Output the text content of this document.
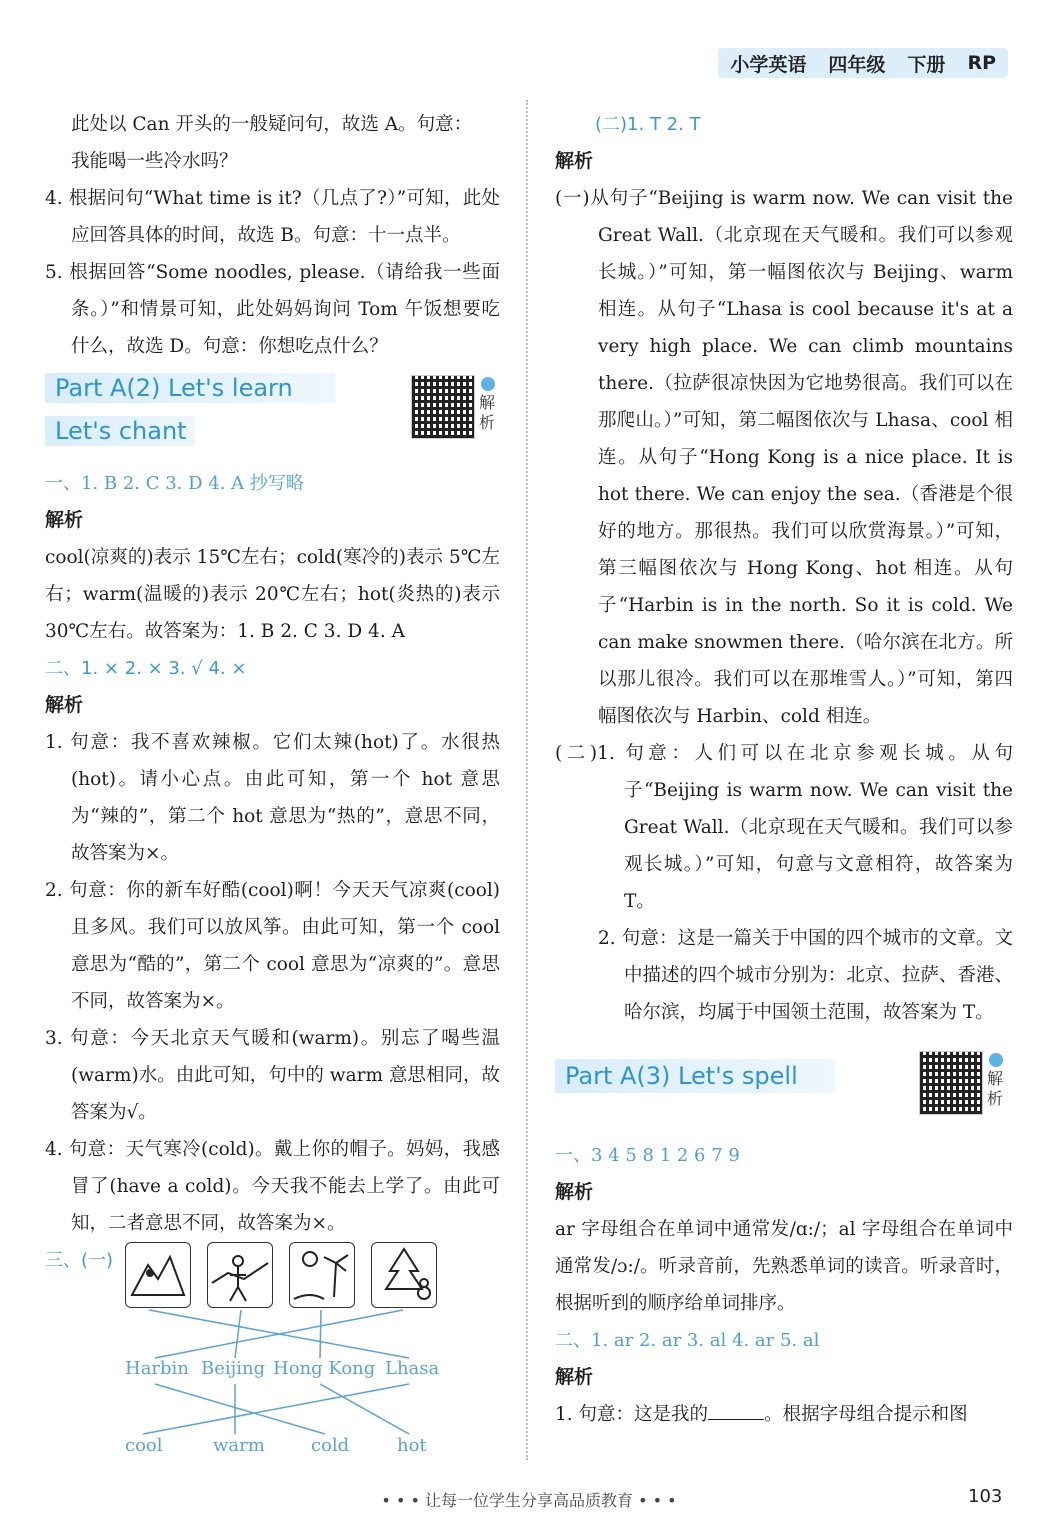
小学英语 四年级 下册 RP

此处以 Can 开头的一般疑问句，故选 A。句意：

我能喝一些冷水吗？

4. 根据问句“What time is it?（几点了?）”可知，此处应回答具体的时间，故选 B。句意：十一点半。

5. 根据回答“Some noodles, please.（请给我一些面条。）”和情景可知，此处妈妈询问 Tom 午饭想要吃什么，故选 D。句意：你想吃点什么？

Part A(2) Let's learn
Let's chant
解析

一、1. B 2. C 3. D 4. A 抄写略

解析

cool(凉爽的)表示 15℃左右；cold(寒冷的)表示 5℃左右；warm(温暖的)表示 20℃左右；hot(炎热的)表示 30℃左右。故答案为：1. B 2. C 3. D 4. A

二、1. × 2. × 3. √ 4. ×

解析

1. 句意：我不喜欢辣椒。它们太辣(hot)了。水很热(hot)。请小心点。由此可知，第一个 hot 意思为“辣的”，第二个 hot 意思为“热的”，意思不同，故答案为×。

2. 句意：你的新车好酷(cool)啊！今天天气凉爽(cool)且多风。我们可以放风筝。由此可知，第一个 cool 意思为“酷的”，第二个 cool 意思为“凉爽的”。意思不同，故答案为×。

3. 句意：今天北京天气暖和(warm)。别忘了喝些温(warm)水。由此可知，句中的 warm 意思相同，故答案为√。

4. 句意：天气寒冷(cold)。戴上你的帽子。妈妈，我感冒了(have a cold)。今天我不能去上学了。由此可知，二者意思不同，故答案为×。

三、(一)
Harbin Beijing Hong Kong Lhasa
cool	warm	cold	hot

(二)1. T 2. T

解析

(一)从句子“Beijing is warm now. We can visit the Great Wall.（北京现在天气暖和。我们可以参观长城。）”可知，第一幅图依次与 Beijing、warm 相连。从句子“Lhasa is cool because it's at a very high place. We can climb mountains there.（拉萨很凉快因为它地势很高。我们可以在那爬山。）”可知，第二幅图依次与 Lhasa、cool 相连。从句子“Hong Kong is a nice place. It is hot there. We can enjoy the sea.（香港是个很好的地方。那很热。我们可以欣赏海景。）”可知，第三幅图依次与 Hong Kong、hot 相连。从句子“Harbin is in the north. So it is cold. We can make snowmen there.（哈尔滨在北方。所以那儿很冷。我们可以在那堆雪人。）”可知，第四幅图依次与 Harbin、cold 相连。

(二)1. 句意：人们可以在北京参观长城。从句子“Beijing is warm now. We can visit the Great Wall.（北京现在天气暖和。我们可以参观长城。）”可知，句意与文意相符，故答案为 T。

2. 句意：这是一篇关于中国的四个城市的文章。文中描述的四个城市分别为：北京、拉萨、香港、哈尔滨，均属于中国领土范围，故答案为 T。

Part A(3) Let's spell	解析

一、3 4 5 8 1 2 6 7 9

解析

ar 字母组合在单词中通常发/ɑ:/；al 字母组合在单词中通常发/ɔ:/。听录音前，先熟悉单词的读音。听录音时，根据听到的顺序给单词排序。

二、1. ar 2. ar 3. al 4. ar 5. al

解析

1. 句意：这是我的	。根据字母组合提示和图

• • • 让每一位学生分享高品质教育 • • •	103
